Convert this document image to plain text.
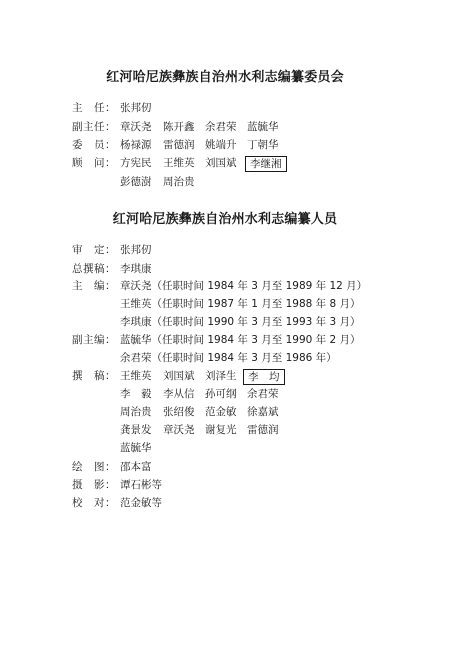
红河哈尼族彝族自治州水利志编纂委员会
主　任： 张邦仞
副主任： 章沃尧 陈开鑫 余君荣 蓝毓华
委　员： 杨禄源 雷德润 姚端升 丁朝华
顾　问： 方宪民 王维英 刘国斌	李继湘
彭德澍 周治贵
红河哈尼族彝族自治州水利志编纂人员
审　定： 张邦仞
总撰稿： 李琪康
主　编： 章沃尧（任职时间 1984 年 3 月至 1989 年 12 月）
王维英（任职时间 1987 年 1 月至 1988 年 8 月）
李琪康（任职时间 1990 年 3 月至 1993 年 3 月）
副主编： 蓝毓华（任职时间 1984 年 3 月至 1990 年 2 月）
余君荣（任职时间 1984 年 3 月至 1986 年）
撰　稿： 王维英 刘国斌 刘泽生	李　均
李　毅 李从信 孙可纲 余君荣
周治贵 张绍俊 范金敏 徐嘉斌
龚景发 章沃尧 谢复光 雷德润
蓝毓华
绘　图： 邵本富
摄　影： 谭石彬等
校　对： 范金敏等
